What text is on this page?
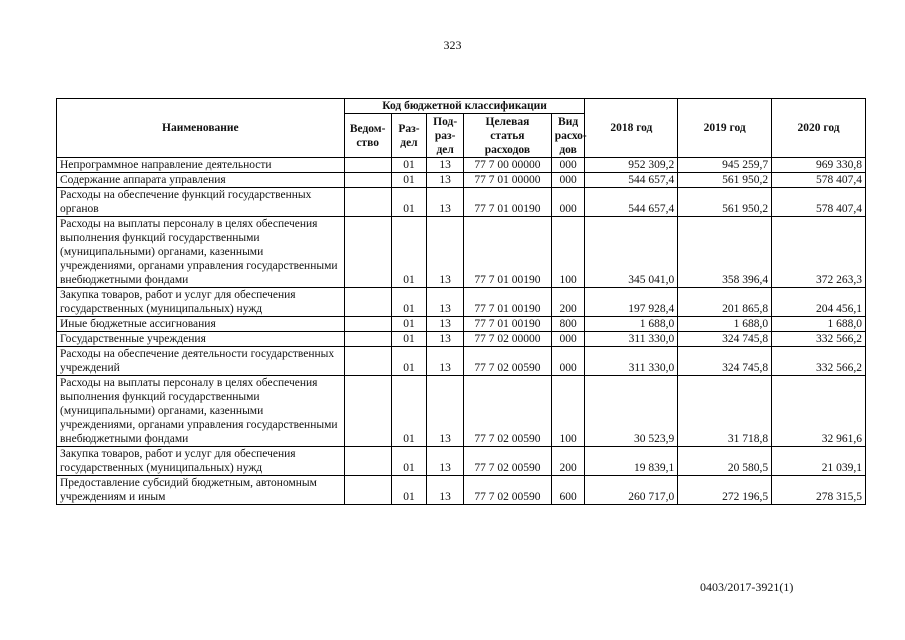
323
Наименование	Код бюджетной классификации					2018 год	2019 год	2020 год
	Ведом-ство	Раз-дел	Под-раз-дел	Целевая статья расходов	Вид расхо-дов			
Непрограммное направление деятельности		01	13	77 7 00 00000	000	952 309,2	945 259,7	969 330,8
Содержание аппарата управления		01	13	77 7 01 00000	000	544 657,4	561 950,2	578 407,4
Расходы на обеспечение функций государственных органов		01	13	77 7 01 00190	000	544 657,4	561 950,2	578 407,4
Расходы на выплаты персоналу в целях обеспечения выполнения функций государственными (муниципальными) органами, казенными учреждениями, органами управления государственными внебюджетными фондами		01	13	77 7 01 00190	100	345 041,0	358 396,4	372 263,3
Закупка товаров, работ и услуг для обеспечения государственных (муниципальных) нужд		01	13	77 7 01 00190	200	197 928,4	201 865,8	204 456,1
Иные бюджетные ассигнования		01	13	77 7 01 00190	800	1 688,0	1 688,0	1 688,0
Государственные учреждения		01	13	77 7 02 00000	000	311 330,0	324 745,8	332 566,2
Расходы на обеспечение деятельности государственных учреждений		01	13	77 7 02 00590	000	311 330,0	324 745,8	332 566,2
Расходы на выплаты персоналу в целях обеспечения выполнения функций государственными (муниципальными) органами, казенными учреждениями, органами управления государственными внебюджетными фондами		01	13	77 7 02 00590	100	30 523,9	31 718,8	32 961,6
Закупка товаров, работ и услуг для обеспечения государственных (муниципальных) нужд		01	13	77 7 02 00590	200	19 839,1	20 580,5	21 039,1
Предоставление субсидий бюджетным, автономным учреждениям и иным		01	13	77 7 02 00590	600	260 717,0	272 196,5	278 315,5
0403/2017-3921(1)
